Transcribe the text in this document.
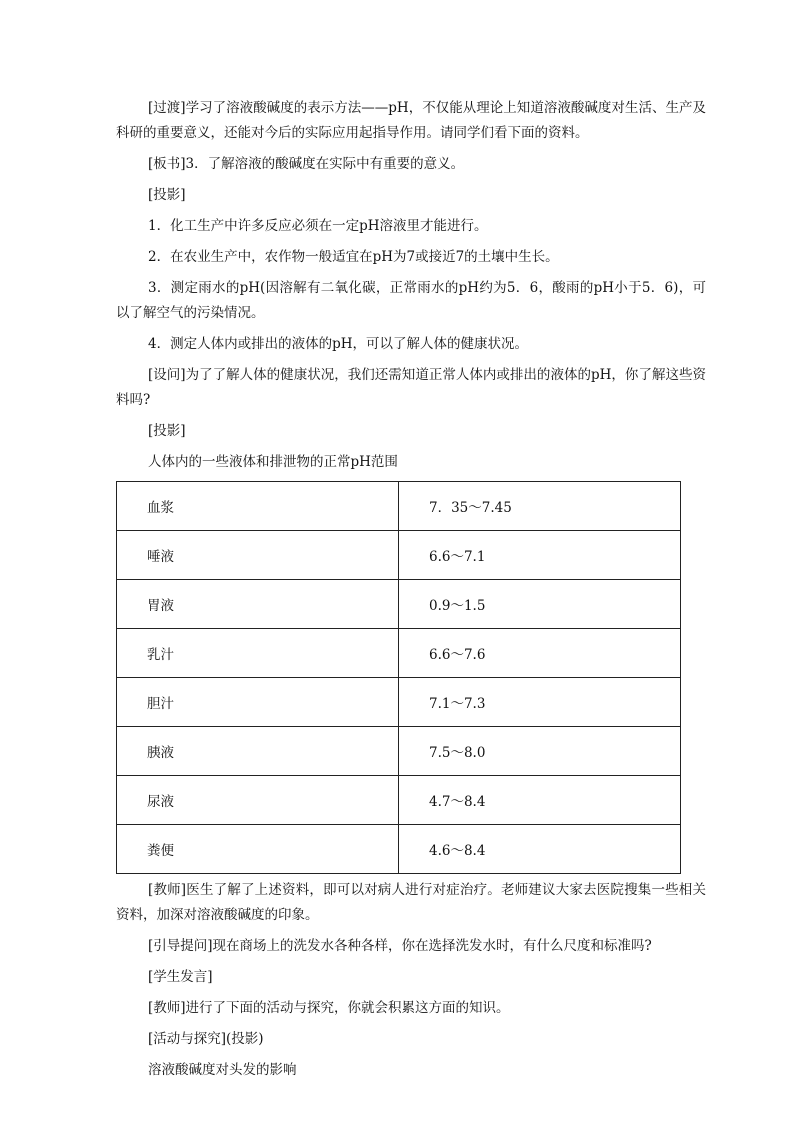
[过渡]学习了溶液酸碱度的表示方法——pH，不仅能从理论上知道溶液酸碱度对生活、生产及科研的重要意义，还能对今后的实际应用起指导作用。请同学们看下面的资料。

[板书]3．了解溶液的酸碱度在实际中有重要的意义。

[投影]

1．化工生产中许多反应必须在一定pH溶液里才能进行。

2．在农业生产中，农作物一般适宜在pH为7或接近7的土壤中生长。

3．测定雨水的pH(因溶解有二氧化碳，正常雨水的pH约为5．6，酸雨的pH小于5．6)，可以了解空气的污染情况。

4．测定人体内或排出的液体的pH，可以了解人体的健康状况。

[设问]为了了解人体的健康状况，我们还需知道正常人体内或排出的液体的pH，你了解这些资料吗?

[投影]

人体内的一些液体和排泄物的正常pH范围

血浆	7．35～7.45
唾液	6.6～7.1
胃液	0.9～1.5
乳汁	6.6～7.6
胆汁	7.1～7.3
胰液	7.5～8.0
尿液	4.7～8.4
粪便	4.6～8.4

[教师]医生了解了上述资料，即可以对病人进行对症治疗。老师建议大家去医院搜集一些相关资料，加深对溶液酸碱度的印象。

[引导提问]现在商场上的洗发水各种各样，你在选择洗发水时，有什么尺度和标准吗?

[学生发言]

[教师]进行了下面的活动与探究，你就会积累这方面的知识。

[活动与探究](投影)

溶液酸碱度对头发的影响
